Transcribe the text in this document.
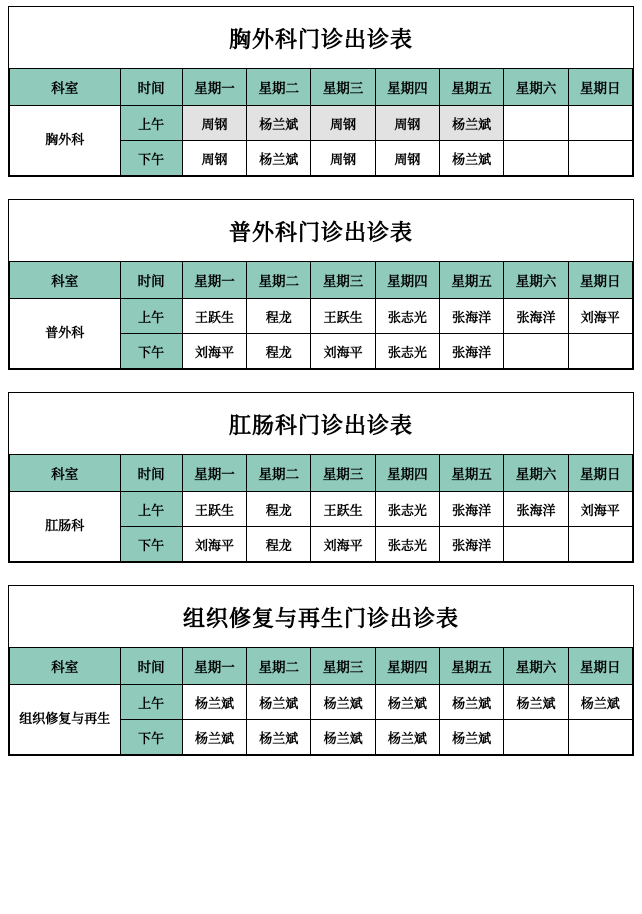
胸外科门诊出诊表
科室	时间	星期一	星期二	星期三	星期四	星期五	星期六	星期日
胸外科	上午	周钢	杨兰斌	周钢	周钢	杨兰斌		
	下午	周钢	杨兰斌	周钢	周钢	杨兰斌		
普外科门诊出诊表
科室	时间	星期一	星期二	星期三	星期四	星期五	星期六	星期日
普外科	上午	王跃生	程龙	王跃生	张志光	张海洋	张海洋	刘海平
	下午	刘海平	程龙	刘海平	张志光	张海洋		
肛肠科门诊出诊表
科室	时间	星期一	星期二	星期三	星期四	星期五	星期六	星期日
肛肠科	上午	王跃生	程龙	王跃生	张志光	张海洋	张海洋	刘海平
	下午	刘海平	程龙	刘海平	张志光	张海洋		
组织修复与再生门诊出诊表
科室	时间	星期一	星期二	星期三	星期四	星期五	星期六	星期日
组织修复与再生	上午	杨兰斌	杨兰斌	杨兰斌	杨兰斌	杨兰斌	杨兰斌	杨兰斌
	下午	杨兰斌	杨兰斌	杨兰斌	杨兰斌	杨兰斌		
